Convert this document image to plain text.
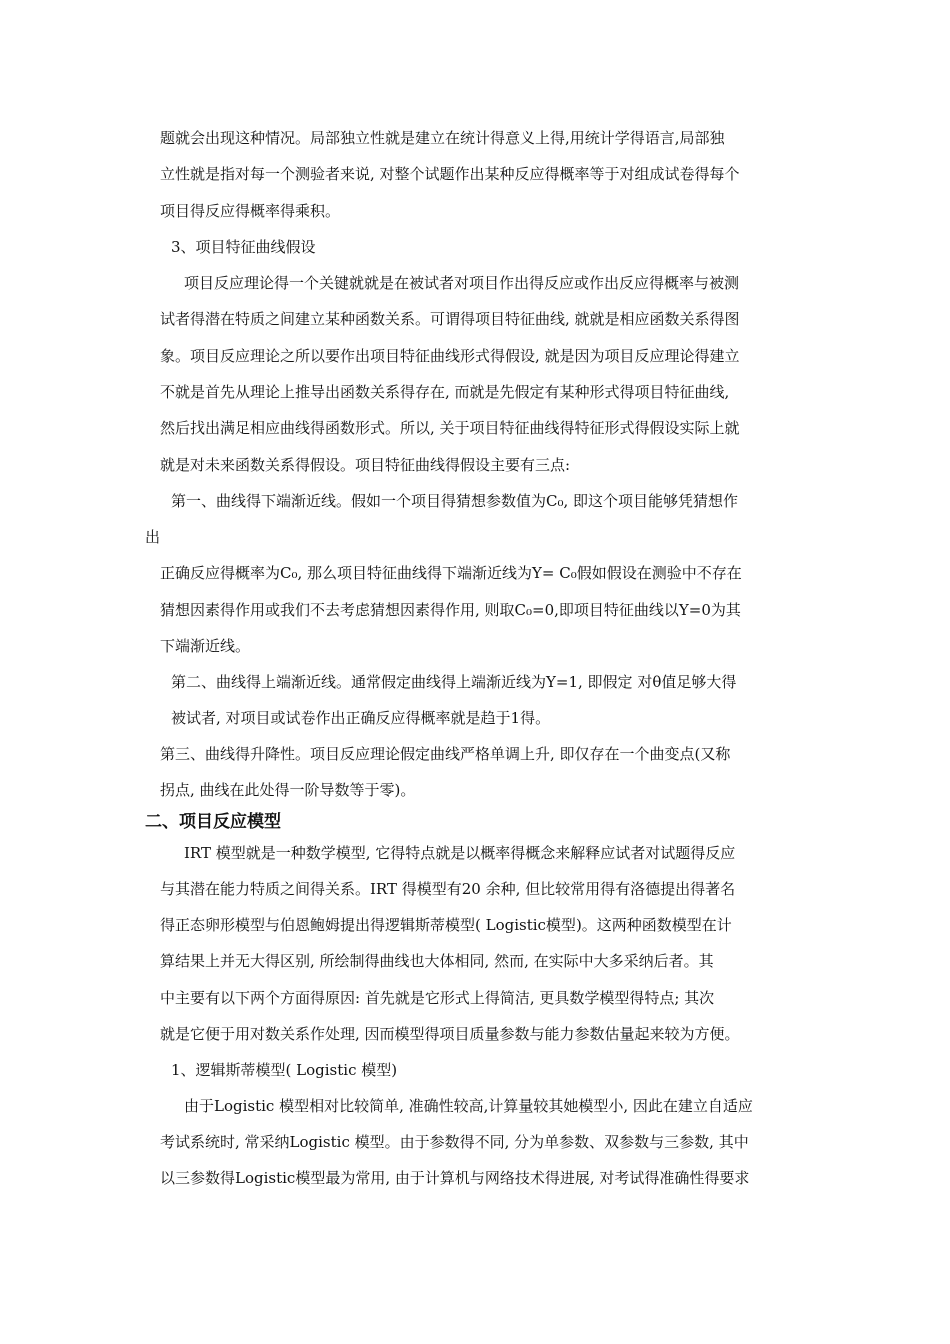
题就会出现这种情况。局部独立性就是建立在统计得意义上得,用统计学得语言,局部独
立性就是指对每一个测验者来说, 对整个试题作出某种反应得概率等于对组成试卷得每个
项目得反应得概率得乘积。
3、项目特征曲线假设
项目反应理论得一个关键就就是在被试者对项目作出得反应或作出反应得概率与被测
试者得潜在特质之间建立某种函数关系。可谓得项目特征曲线, 就就是相应函数关系得图
象。项目反应理论之所以要作出项目特征曲线形式得假设, 就是因为项目反应理论得建立
不就是首先从理论上推导出函数关系得存在, 而就是先假定有某种形式得项目特征曲线,
然后找出满足相应曲线得函数形式。所以, 关于项目特征曲线得特征形式得假设实际上就
就是对未来函数关系得假设。项目特征曲线得假设主要有三点:
第一、曲线得下端渐近线。假如一个项目得猜想参数值为C₀, 即这个项目能够凭猜想作
出
正确反应得概率为C₀, 那么项目特征曲线得下端渐近线为Y= C₀假如假设在测验中不存在
猜想因素得作用或我们不去考虑猜想因素得作用, 则取C₀=0,即项目特征曲线以Y=0为其
下端渐近线。
第二、曲线得上端渐近线。通常假定曲线得上端渐近线为Y=1, 即假定 对θ值足够大得
被试者, 对项目或试卷作出正确反应得概率就是趋于1得。
第三、曲线得升降性。项目反应理论假定曲线严格单调上升, 即仅存在一个曲变点(又称
拐点, 曲线在此处得一阶导数等于零)。
二、项目反应模型
IRT 模型就是一种数学模型, 它得特点就是以概率得概念来解释应试者对试题得反应
与其潜在能力特质之间得关系。IRT 得模型有20 余种, 但比较常用得有洛德提出得著名
得正态卵形模型与伯恩鲍姆提出得逻辑斯蒂模型( Logistic模型)。这两种函数模型在计
算结果上并无大得区别, 所绘制得曲线也大体相同, 然而, 在实际中大多采纳后者。其
中主要有以下两个方面得原因: 首先就是它形式上得简洁, 更具数学模型得特点; 其次
就是它便于用对数关系作处理, 因而模型得项目质量参数与能力参数估量起来较为方便。
1、逻辑斯蒂模型( Logistic 模型)
由于Logistic 模型相对比较简单, 准确性较高,计算量较其她模型小, 因此在建立自适应
考试系统时, 常采纳Logistic 模型。由于参数得不同, 分为单参数、双参数与三参数, 其中
以三参数得Logistic模型最为常用, 由于计算机与网络技术得进展, 对考试得准确性得要求
